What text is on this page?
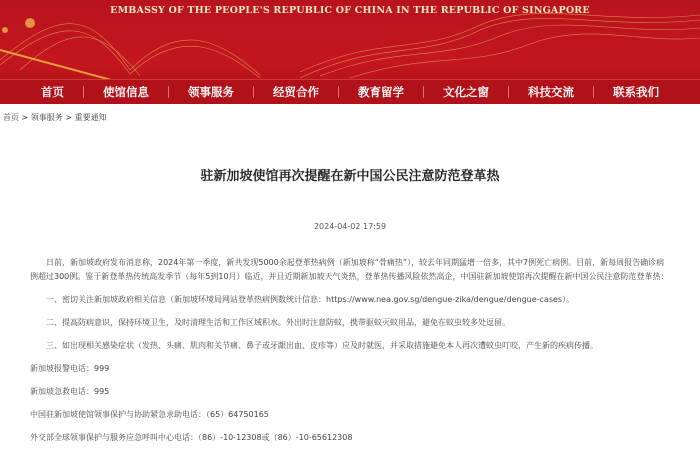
EMBASSY OF THE PEOPLE'S REPUBLIC OF CHINA IN THE REPUBLIC OF SINGAPORE
首页	使馆信息	领事服务	经贸合作	教育留学	文化之窗	科技交流	联系我们
首页 > 领事服务 > 重要通知
驻新加坡使馆再次提醒在新中国公民注意防范登革热
2024-04-02 17:59

日前，新加坡政府发布消息称，2024年第一季度，新共发现5000余起登革热病例（新加坡称“骨痛热”），较去年同期猛增一倍多，其中7例死亡病例。目前，新每周报告确诊病例超过300例。鉴于新登革热传统高发季节（每年5到10月）临近，并且近期新加坡天气炎热，登革热传播风险依然高企，中国驻新加坡使馆再次提醒在新中国公民注意防范登革热：

一、密切关注新加坡政府相关信息（新加坡环境局网站登革热病例数统计信息：https://www.nea.gov.sg/dengue-zika/dengue/dengue-cases）。

二、提高防病意识，保持环境卫生，及时清理生活和工作区域积水。外出时注意防蚊，携带驱蚊灭蚊用品，避免在蚊虫较多处逗留。

三、如出现相关感染症状（发热、头痛、肌肉和关节痛、鼻子或牙龈出血、皮疹等）应及时就医，并采取措施避免本人再次遭蚊虫叮咬，产生新的疾病传播。

新加坡报警电话：999

新加坡急救电话：995

中国驻新加坡使馆领事保护与协助紧急求助电话：（65）64750165

外交部全球领事保护与服务应急呼叫中心电话：（86）-10-12308或（86）-10-65612308
